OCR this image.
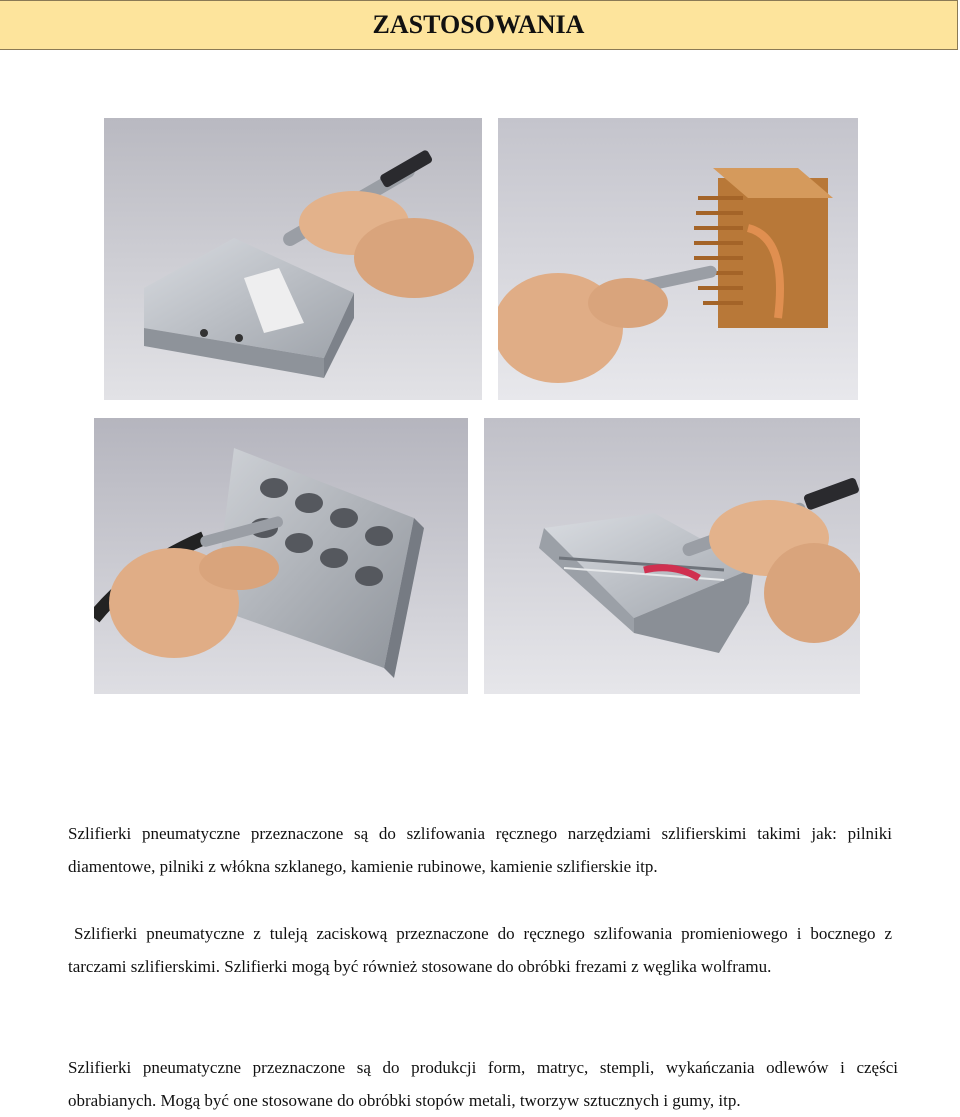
ZASTOSOWANIA

Szlifierki pneumatyczne przeznaczone są do szlifowania ręcznego narzędziami szlifierskimi takimi jak: pilniki diamentowe, pilniki z włókna szklanego, kamienie rubinowe, kamienie szlifierskie itp.

Szlifierki pneumatyczne z tuleją zaciskową przeznaczone do ręcznego szlifowania promieniowego i bocznego z tarczami szlifierskimi. Szlifierki mogą być również stosowane do obróbki frezami z węglika wolframu.

Szlifierki pneumatyczne przeznaczone są do produkcji form, matryc, stempli, wykańczania odlewów i części obrabianych. Mogą być one stosowane do obróbki stopów metali, tworzyw sztucznych i gumy, itp.
